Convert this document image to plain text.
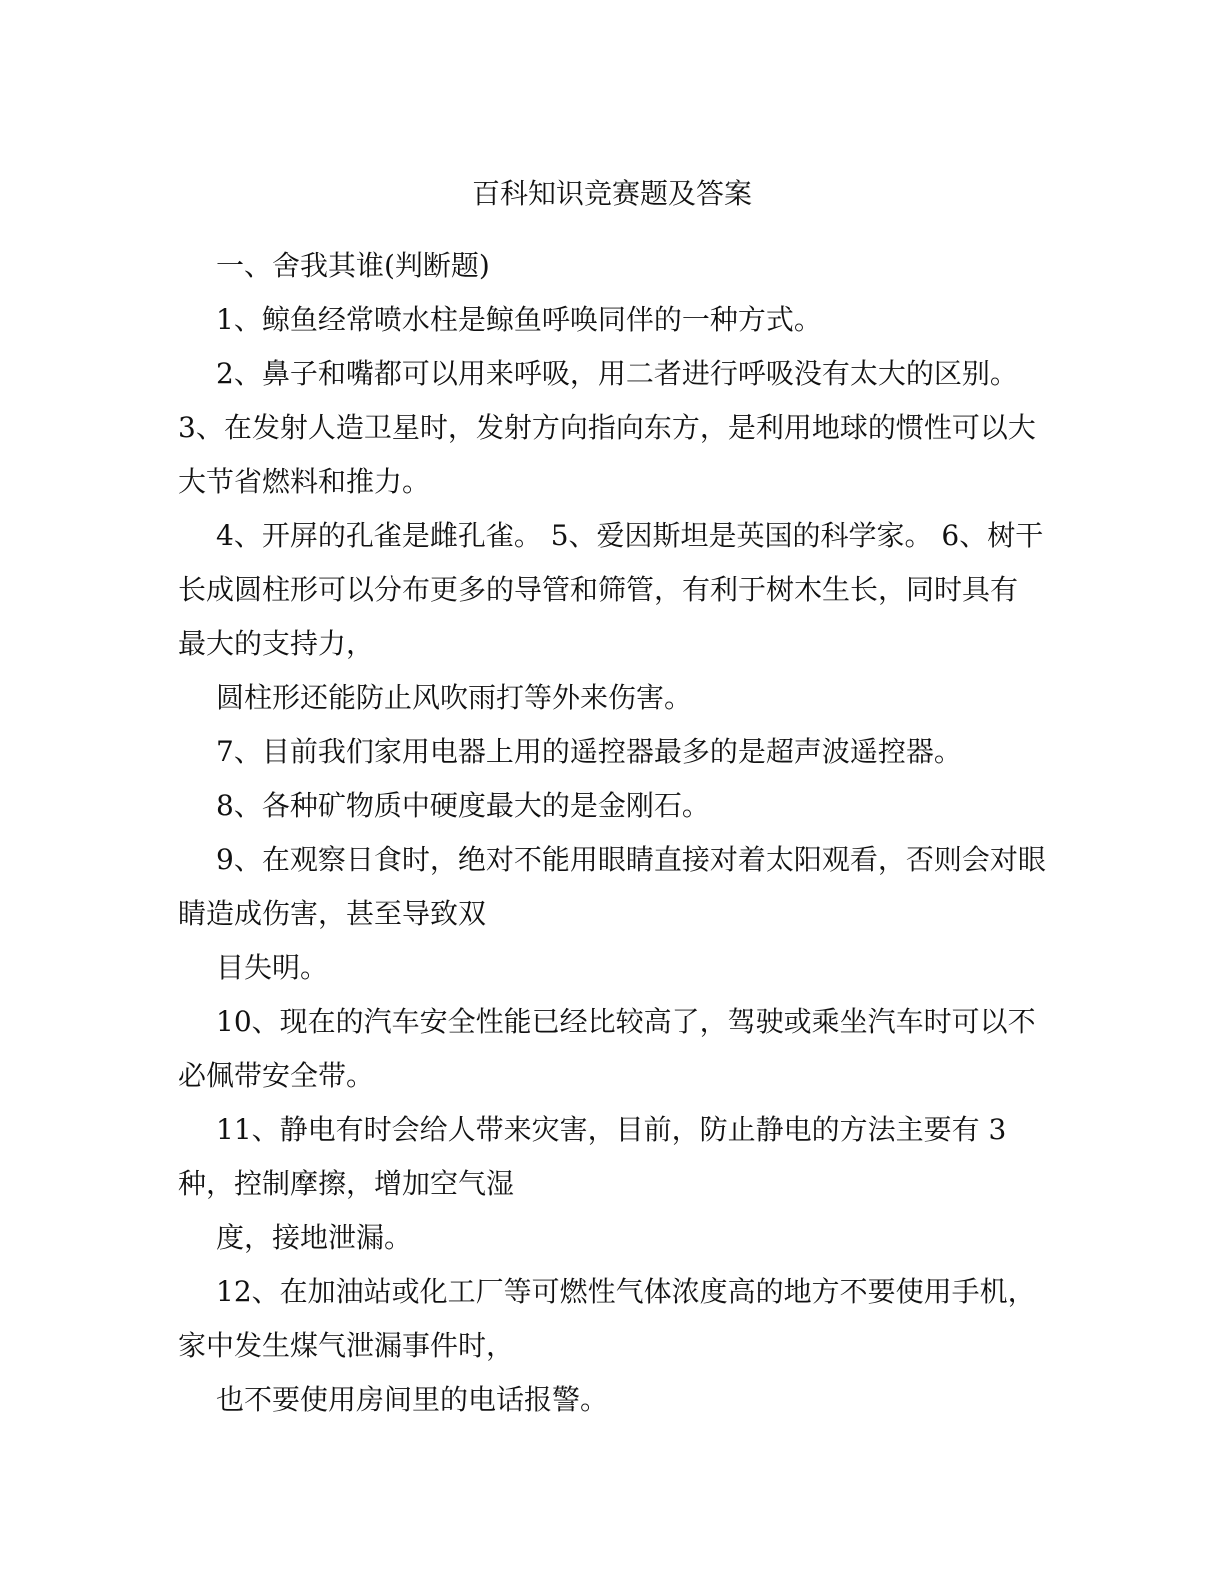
百科知识竞赛题及答案

一、舍我其谁(判断题)

1、鲸鱼经常喷水柱是鲸鱼呼唤同伴的一种方式。

2、鼻子和嘴都可以用来呼吸，用二者进行呼吸没有太大的区别。

3、在发射人造卫星时，发射方向指向东方，是利用地球的惯性可以大

大节省燃料和推力。

4、开屏的孔雀是雌孔雀。 5、爱因斯坦是英国的科学家。 6、树干

长成圆柱形可以分布更多的导管和筛管，有利于树木生长，同时具有

最大的支持力，

圆柱形还能防止风吹雨打等外来伤害。

7、目前我们家用电器上用的遥控器最多的是超声波遥控器。

8、各种矿物质中硬度最大的是金刚石。

9、在观察日食时，绝对不能用眼睛直接对着太阳观看，否则会对眼

睛造成伤害，甚至导致双

目失明。

10、现在的汽车安全性能已经比较高了，驾驶或乘坐汽车时可以不

必佩带安全带。

11、静电有时会给人带来灾害，目前，防止静电的方法主要有 3

种，控制摩擦，增加空气湿

度，接地泄漏。

12、在加油站或化工厂等可燃性气体浓度高的地方不要使用手机，

家中发生煤气泄漏事件时，

也不要使用房间里的电话报警。
